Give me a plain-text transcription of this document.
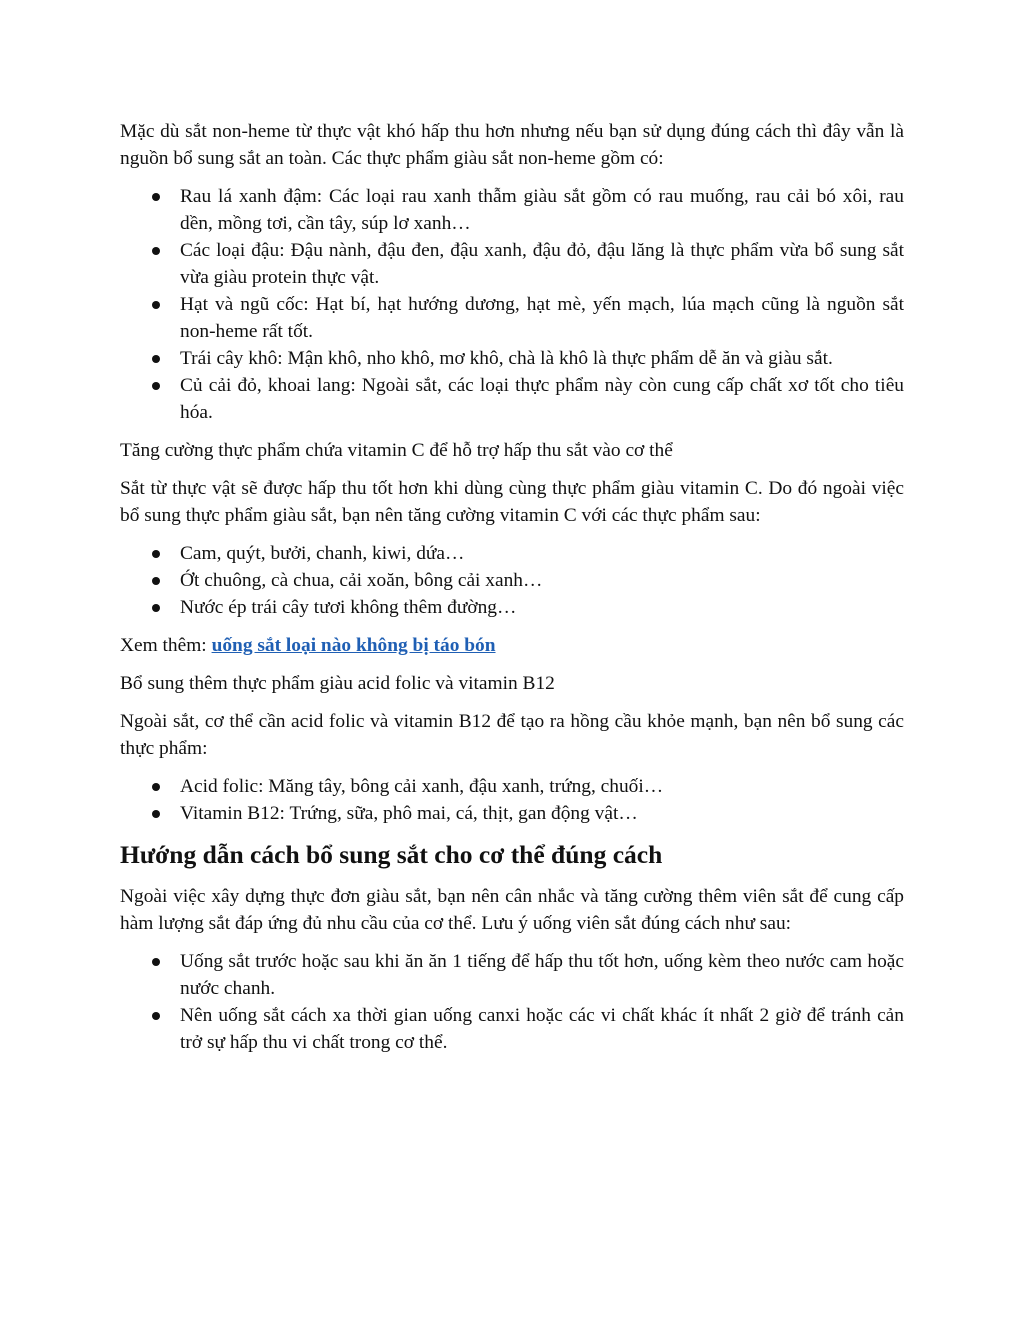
Mặc dù sắt non-heme từ thực vật khó hấp thu hơn nhưng nếu bạn sử dụng đúng cách thì đây vẫn là nguồn bổ sung sắt an toàn. Các thực phẩm giàu sắt non-heme gồm có:

Rau lá xanh đậm: Các loại rau xanh thẫm giàu sắt gồm có rau muống, rau cải bó xôi, rau dền, mồng tơi, cần tây, súp lơ xanh…
Các loại đậu: Đậu nành, đậu đen, đậu xanh, đậu đỏ, đậu lăng là thực phẩm vừa bổ sung sắt vừa giàu protein thực vật.
Hạt và ngũ cốc: Hạt bí, hạt hướng dương, hạt mè, yến mạch, lúa mạch cũng là nguồn sắt non-heme rất tốt.
Trái cây khô: Mận khô, nho khô, mơ khô, chà là khô là thực phẩm dễ ăn và giàu sắt.
Củ cải đỏ, khoai lang: Ngoài sắt, các loại thực phẩm này còn cung cấp chất xơ tốt cho tiêu hóa.

Tăng cường thực phẩm chứa vitamin C để hỗ trợ hấp thu sắt vào cơ thể

Sắt từ thực vật sẽ được hấp thu tốt hơn khi dùng cùng thực phẩm giàu vitamin C. Do đó ngoài việc bổ sung thực phẩm giàu sắt, bạn nên tăng cường vitamin C với các thực phẩm sau:

Cam, quýt, bưởi, chanh, kiwi, dứa…
Ớt chuông, cà chua, cải xoăn, bông cải xanh…
Nước ép trái cây tươi không thêm đường…

Xem thêm: uống sắt loại nào không bị táo bón

Bổ sung thêm thực phẩm giàu acid folic và vitamin B12

Ngoài sắt, cơ thể cần acid folic và vitamin B12 để tạo ra hồng cầu khỏe mạnh, bạn nên bổ sung các thực phẩm:

Acid folic: Măng tây, bông cải xanh, đậu xanh, trứng, chuối…
Vitamin B12: Trứng, sữa, phô mai, cá, thịt, gan động vật…
Hướng dẫn cách bổ sung sắt cho cơ thể đúng cách

Ngoài việc xây dựng thực đơn giàu sắt, bạn nên cân nhắc và tăng cường thêm viên sắt để cung cấp hàm lượng sắt đáp ứng đủ nhu cầu của cơ thể. Lưu ý uống viên sắt đúng cách như sau:

Uống sắt trước hoặc sau khi ăn ăn 1 tiếng để hấp thu tốt hơn, uống kèm theo nước cam hoặc nước chanh.
Nên uống sắt cách xa thời gian uống canxi hoặc các vi chất khác ít nhất 2 giờ để tránh cản trở sự hấp thu vi chất trong cơ thể.
